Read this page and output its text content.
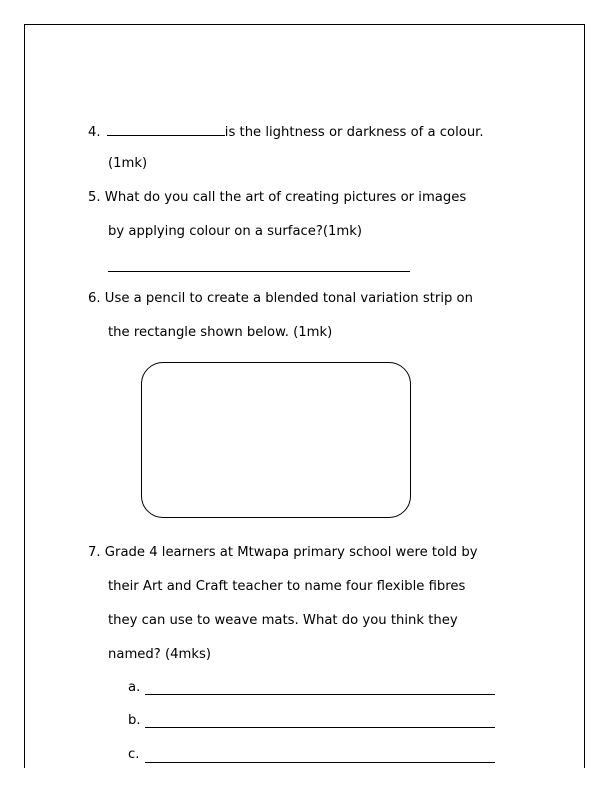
4.	is the lightness or darkness of a colour.
(1mk)
5. What do you call the art of creating pictures or images
by applying colour on a surface?(1mk)
6. Use a pencil to create a blended tonal variation strip on
the rectangle shown below. (1mk)
7. Grade 4 learners at Mtwapa primary school were told by
their Art and Craft teacher to name four flexible fibres
they can use to weave mats. What do you think they
named? (4mks)
a.
b.
c.
